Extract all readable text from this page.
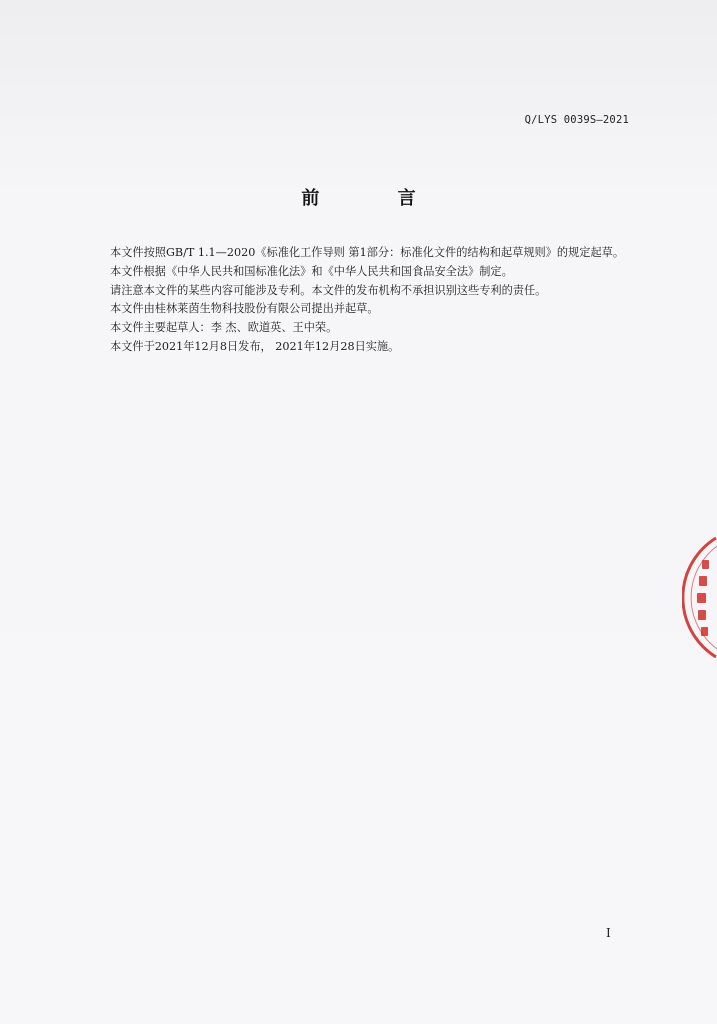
Q/LYS 0039S—2021
前 言

本文件按照GB/T 1.1—2020《标准化工作导则 第1部分：标准化文件的结构和起草规则》的规定起草。

本文件根据《中华人民共和国标准化法》和《中华人民共和国食品安全法》制定。

请注意本文件的某些内容可能涉及专利。本文件的发布机构不承担识别这些专利的责任。

本文件由桂林莱茵生物科技股份有限公司提出并起草。

本文件主要起草人：李 杰、欧道英、王中荣。

本文件于2021年12月8日发布， 2021年12月28日实施。

I
